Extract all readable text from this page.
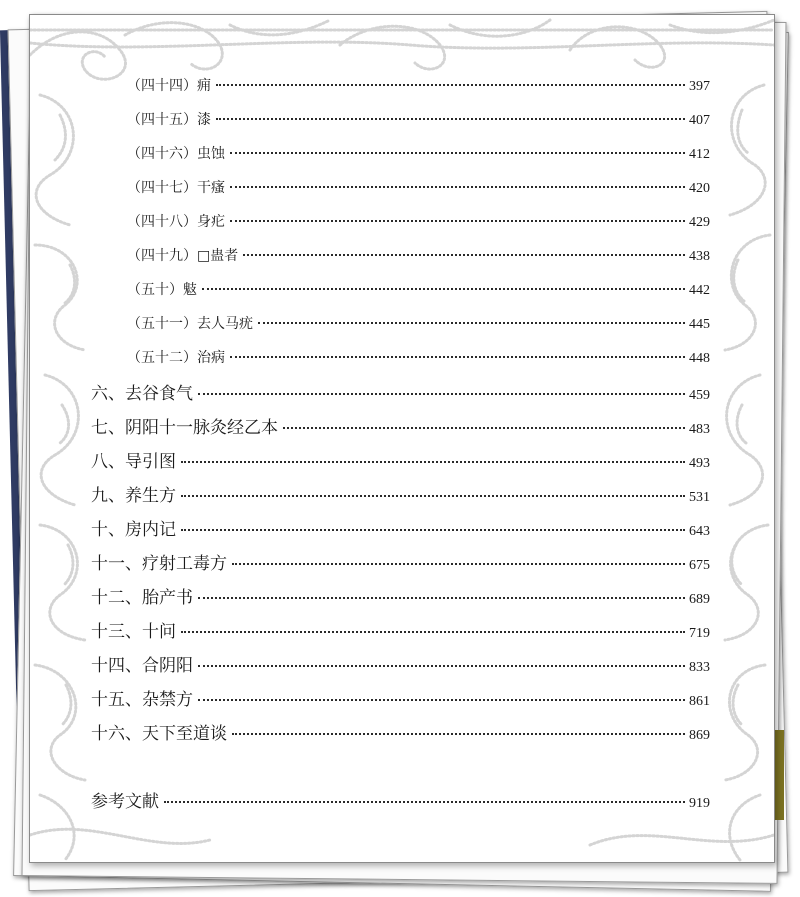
（四十四）痈	397
（四十五）漆	407
（四十六）虫蚀	412
（四十七）干瘙	420
（四十八）身疕	429
（四十九）□蛊者	438
（五十）鬾	442
（五十一）去人马疣	445
（五十二）治病	448
六、去谷食气	459
七、阴阳十一脉灸经乙本	483
八、导引图	493
九、养生方	531
十、房内记	643
十一、疗射工毒方	675
十二、胎产书	689
十三、十问	719
十四、合阴阳	833
十五、杂禁方	861
十六、天下至道谈	869
参考文献	919
